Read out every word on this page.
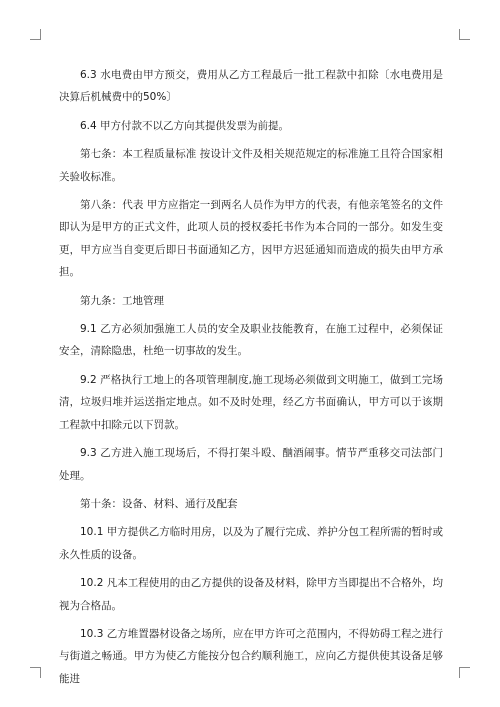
6.3 水电费由甲方预交，费用从乙方工程最后一批工程款中扣除〔水电费用是决算后机械费中的50%〕

6.4 甲方付款不以乙方向其提供发票为前提。

第七条：本工程质量标准 按设计文件及相关规范规定的标准施工且符合国家相关验收标准。

第八条：代表 甲方应指定一到两名人员作为甲方的代表，有他亲笔签名的文件即认为是甲方的正式文件，此项人员的授权委托书作为本合同的一部分。如发生变更，甲方应当自变更后即日书面通知乙方，因甲方迟延通知而造成的损失由甲方承担。

第九条：工地管理

9.1 乙方必须加强施工人员的安全及职业技能教育，在施工过程中，必须保证安全，清除隐患，杜绝一切事故的发生。

9.2 严格执行工地上的各项管理制度,施工现场必须做到文明施工，做到工完场清，垃圾归堆并运送指定地点。如不及时处理，经乙方书面确认，甲方可以于该期工程款中扣除元以下罚款。

9.3 乙方进入施工现场后，不得打架斗殴、酗酒闹事。情节严重移交司法部门处理。

第十条：设备、材料、通行及配套

10.1 甲方提供乙方临时用房，以及为了履行完成、养护分包工程所需的暂时或永久性质的设备。

10.2 凡本工程使用的由乙方提供的设备及材料，除甲方当即提出不合格外，均视为合格品。

10.3 乙方堆置器材设备之场所，应在甲方许可之范围内，不得妨碍工程之进行与街道之畅通。甲方为使乙方能按分包合约顺利施工，应向乙方提供使其设备足够能进
